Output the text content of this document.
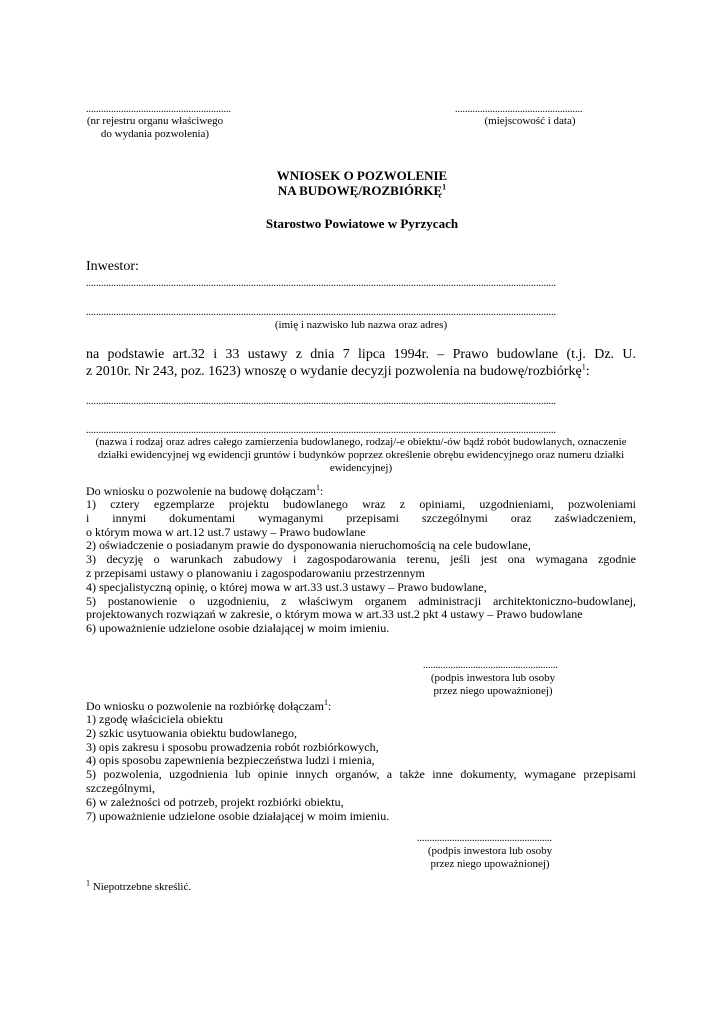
..........................................................
(nr rejestru organu właściwego
do wydania pozwolenia)
...................................................
(miejscowość i data)
WNIOSEK O POZWOLENIE
NA BUDOWĘ/ROZBIÓRKĘ$^1$
Starostwo Powiatowe w Pyrzycach
Inwestor:
............................................................................................................................................................................................
............................................................................................................................................................................................
(imię i nazwisko lub nazwa oraz adres)
na podstawie art.32 i 33 ustawy z dnia 7 lipca 1994r. – Prawo budowlane (t.j. Dz. U.
z 2010r. Nr 243, poz. 1623) wnoszę o wydanie decyzji pozwolenia na budowę/rozbiórkę$^1$:
............................................................................................................................................................................................
............................................................................................................................................................................................
(nazwa i rodzaj oraz adres całego zamierzenia budowlanego, rodzaj/-e obiektu/-ów bądź robót budowlanych, oznaczenie
działki ewidencyjnej wg ewidencji gruntów i budynków poprzez określenie obrębu ewidencyjnego oraz numeru działki
ewidencyjnej)
Do wniosku o pozwolenie na budowę dołączam$^1$:
1) cztery egzemplarze projektu budowlanego wraz z opiniami, uzgodnieniami, pozwoleniami
i innymi dokumentami wymaganymi przepisami szczególnymi oraz zaświadczeniem,
o którym mowa w art.12 ust.7 ustawy – Prawo budowlane
2) oświadczenie o posiadanym prawie do dysponowania nieruchomością na cele budowlane,
3) decyzję o warunkach zabudowy i zagospodarowania terenu, jeśli jest ona wymagana zgodnie
z przepisami ustawy o planowaniu i zagospodarowaniu przestrzennym
4) specjalistyczną opinię, o której mowa w art.33 ust.3 ustawy – Prawo budowlane,
5) postanowienie o uzgodnieniu, z właściwym organem administracji architektoniczno-budowlanej,
projektowanych rozwiązań w zakresie, o którym mowa w art.33 ust.2 pkt 4 ustawy – Prawo budowlane
6) upoważnienie udzielone osobie działającej w moim imieniu.
......................................................
(podpis inwestora lub osoby
przez niego upoważnionej)
Do wniosku o pozwolenie na rozbiórkę dołączam$^1$:
1) zgodę właściciela obiektu
2) szkic usytuowania obiektu budowlanego,
3) opis zakresu i sposobu prowadzenia robót rozbiórkowych,
4) opis sposobu zapewnienia bezpieczeństwa ludzi i mienia,
5) pozwolenia, uzgodnienia lub opinie innych organów, a także inne dokumenty, wymagane przepisami
szczególnymi,
6) w zależności od potrzeb, projekt rozbiórki obiektu,
7) upoważnienie udzielone osobie działającej w moim imieniu.
......................................................
(podpis inwestora lub osoby
przez niego upoważnionej)
$^1$ Niepotrzebne skreślić.
